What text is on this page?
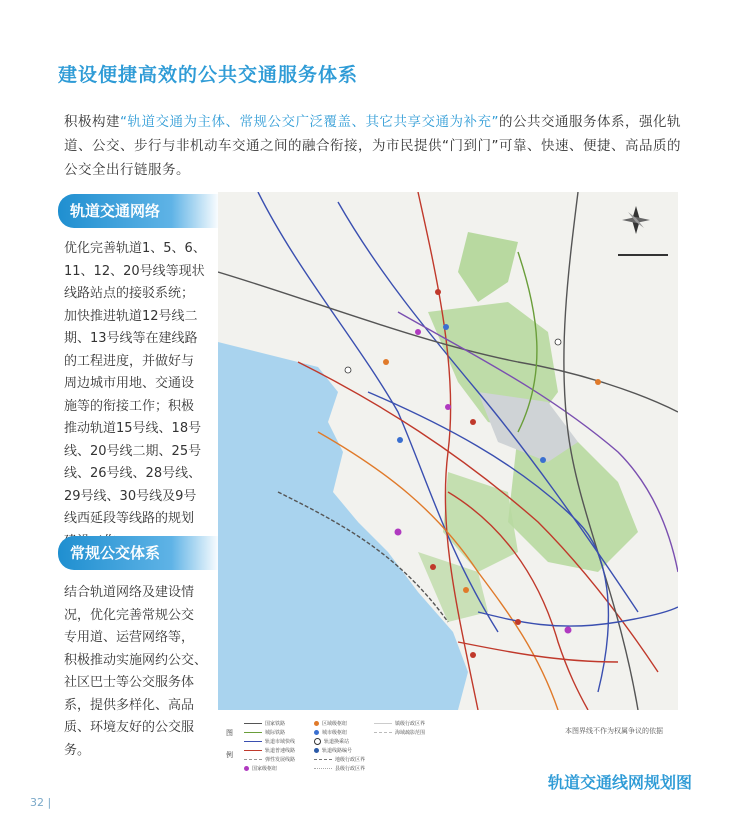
建设便捷高效的公共交通服务体系
积极构建“轨道交通为主体、常规公交广泛覆盖、其它共享交通为补充”的公共交通服务体系，强化轨道、公交、步行与非机动车交通之间的融合衔接，为市民提供“门到门”可靠、快速、便捷、高品质的公交全出行链服务。
轨道交通网络
优化完善轨道1、5、6、
11、12、20号线等现状
线路站点的接驳系统；
加快推进轨道12号线二
期、13号线等在建线路
的工程进度，并做好与
周边城市用地、交通设
施等的衔接工作；积极
推动轨道15号线、18号
线、20号线二期、25号
线、26号线、28号线、
29号线、30号线及9号
线西延段等线路的规划
常规公交体系
结合轨道网络及建设情
况，优化完善常规公交
专用道、运营网络等，
积极推动实施网约公交、
社区巴士等公交服务体
系，提供多样化、高品
质、环境友好的公交服
务。
图 例
国家铁路
城际铁路
轨道市域快线
轨道普速线路
弹性发展线路
国家级枢纽
区域级枢纽
城市级枢纽
轨道换乘站
轨道线路编号
地级行政区界
县级行政区界
镇级行政区界
海域疏影范围	本图界线不作为权属争议的依据
轨道交通线网规划图
32 |
